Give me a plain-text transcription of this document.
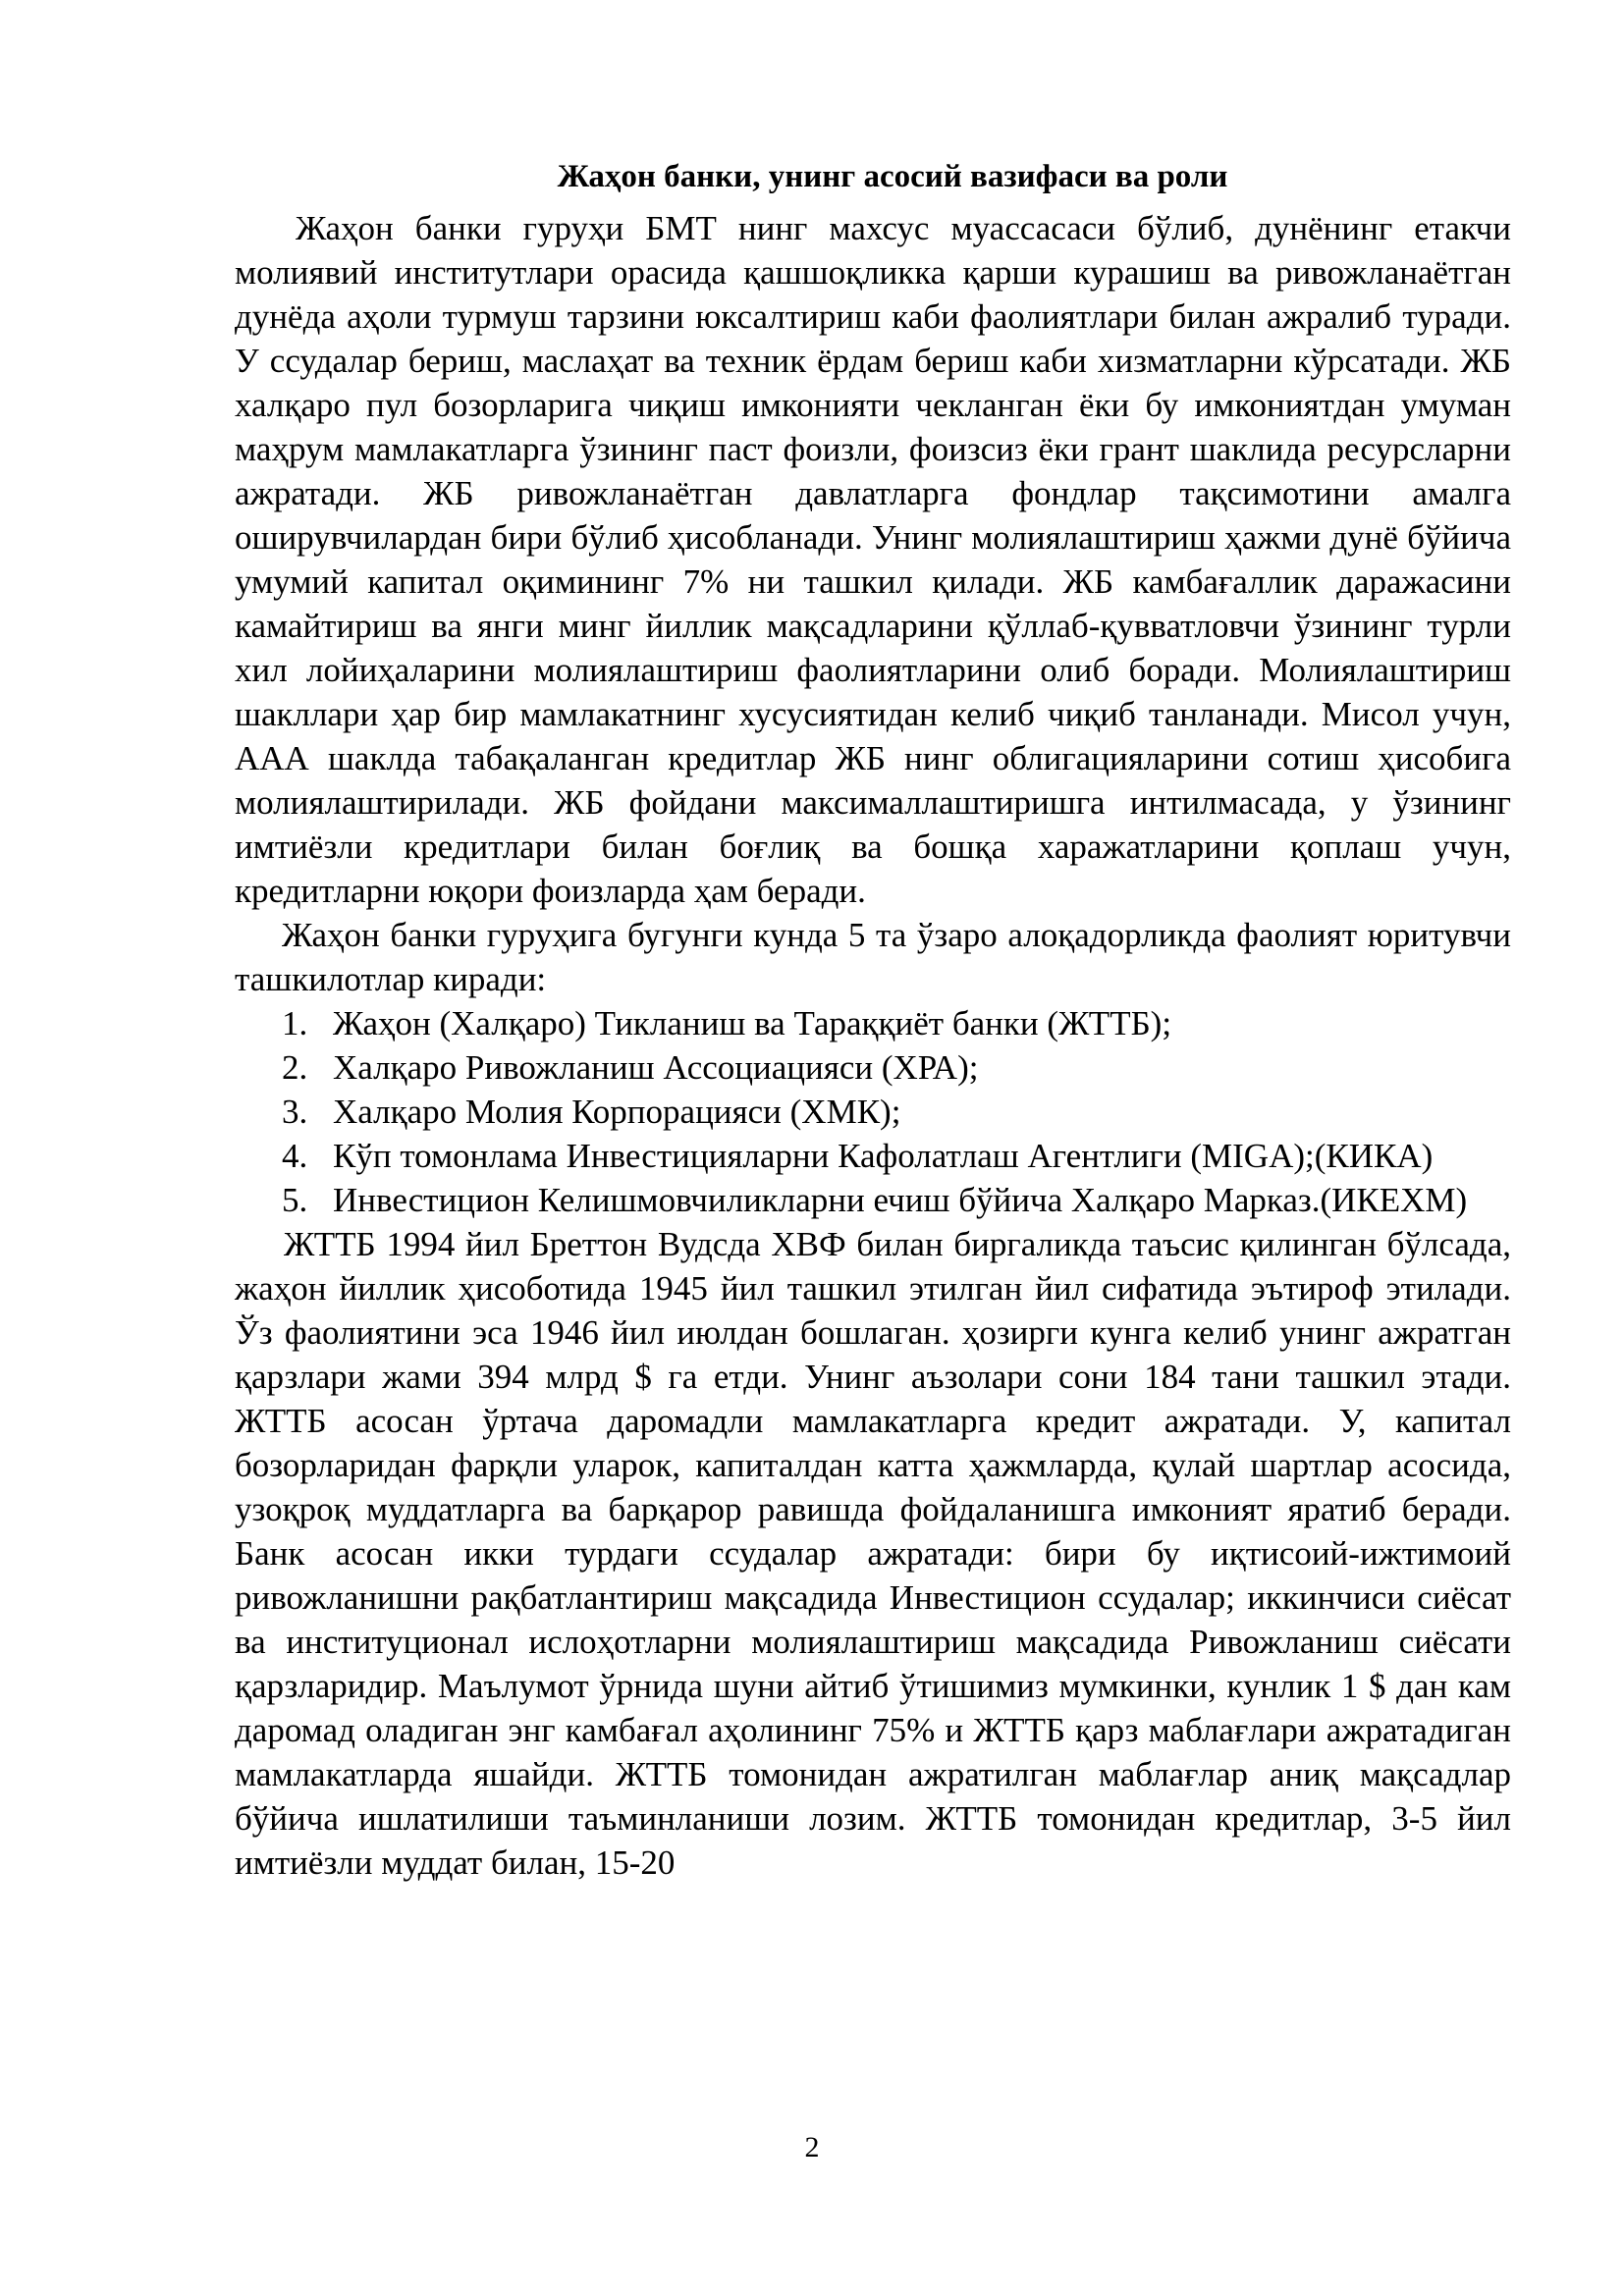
Жаҳон банки, унинг асосий вазифаси ва роли

Жаҳон банки гуруҳи БМТ нинг махсус муассасаси бўлиб, дунёнинг етакчи молиявий институтлари орасида қашшоқликка қарши курашиш ва ривожланаётган дунёда аҳоли турмуш тарзини юксалтириш каби фаолиятлари билан ажралиб туради. У ссудалар бериш, маслаҳат ва техник ёрдам бериш каби хизматларни кўрсатади. ЖБ халқаро пул бозорларига чиқиш имконияти чекланган ёки бу имкониятдан умуман маҳрум мамлакатларга ўзининг паст фоизли, фоизсиз ёки грант шаклида ресурсларни ажратади. ЖБ ривожланаётган давлатларга фондлар тақсимотини амалга оширувчилардан бири бўлиб ҳисобланади. Унинг молиялаштириш ҳажми дунё бўйича умумий капитал оқимининг 7% ни ташкил қилади. ЖБ камбағаллик даражасини камайтириш ва янги минг йиллик мақсадларини қўллаб-қувватловчи ўзининг турли хил лойиҳаларини молиялаштириш фаолиятларини олиб боради. Молиялаштириш шакллари ҳар бир мамлакатнинг хусусиятидан келиб чиқиб танланади. Мисол учун, ААА шаклда табақаланган кредитлар ЖБ нинг облигацияларини сотиш ҳисобига молиялаштирилади. ЖБ фойдани максималлаштиришга интилмасада, у ўзининг имтиёзли кредитлари билан боғлиқ ва бошқа харажатларини қоплаш учун, кредитларни юқори фоизларда ҳам беради.

Жаҳон банки гуруҳига бугунги кунда 5 та ўзаро алоқадорликда фаолият юритувчи ташкилотлар киради:

1. Жаҳон (Халқаро) Тикланиш ва Тараққиёт банки (ЖТТБ);
2. Халқаро Ривожланиш Ассоциацияси (ХРА);
3. Халқаро Молия Корпорацияси (ХМК);
4. Кўп томонлама Инвестицияларни Кафолатлаш Агентлиги (MIGA);(КИКА)
5. Инвестицион Келишмовчиликларни ечиш бўйича Халқаро Марказ.(ИКЕХМ)

ЖТТБ 1994 йил Бреттон Вудсда ХВФ билан биргаликда таъсис қилинган бўлсада, жаҳон йиллик ҳисоботида 1945 йил ташкил этилган йил сифатида эътироф этилади. Ўз фаолиятини эса 1946 йил июлдан бошлаган. ҳозирги кунга келиб унинг ажратган қарзлари жами 394 млрд $ га етди. Унинг аъзолари сони 184 тани ташкил этади. ЖТТБ асосан ўртача даромадли мамлакатларга кредит ажратади. У, капитал бозорларидан фарқли уларок, капиталдан катта ҳажмларда, қулай шартлар асосида, узоқроқ муддатларга ва барқарор равишда фойдаланишга имконият яратиб беради. Банк асосан икки турдаги ссудалар ажратади: бири бу иқтисоий-ижтимоий ривожланишни рақбатлантириш мақсадида Инвестицион ссудалар; иккинчиси сиёсат ва институционал ислоҳотларни молиялаштириш мақсадида Ривожланиш сиёсати қарзларидир. Маълумот ўрнида шуни айтиб ўтишимиз мумкинки, кунлик 1 $ дан кам даромад оладиган энг камбағал аҳолининг 75% и ЖТТБ қарз маблағлари ажратадиган мамлакатларда яшайди. ЖТТБ томонидан ажратилган маблағлар аниқ мақсадлар бўйича ишлатилиши таъминланиши лозим. ЖТТБ томонидан кредитлар, 3-5 йил имтиёзли муддат билан, 15-20

2
